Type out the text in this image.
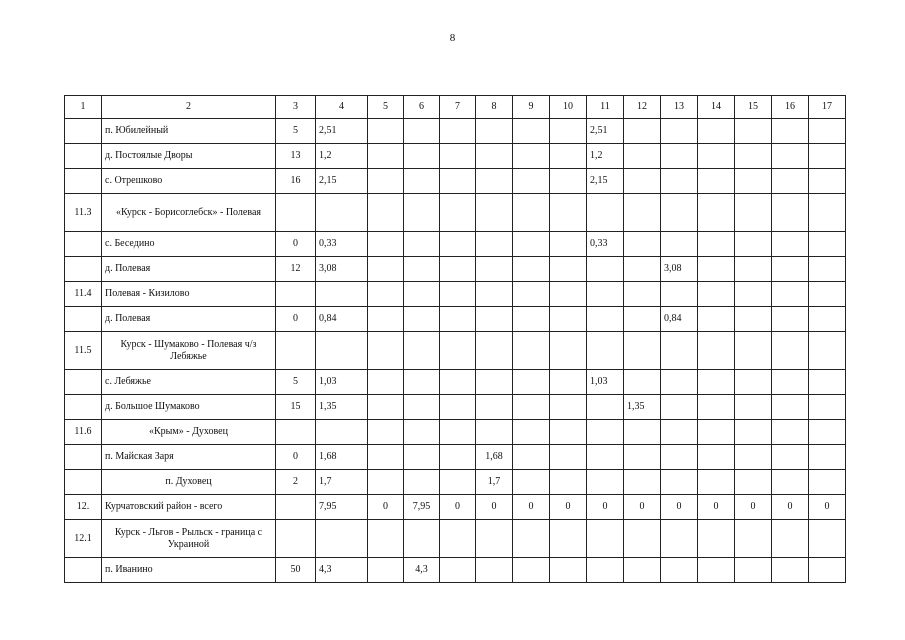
8
1	2	3	4	5	6	7	8	9	10	11	12	13	14	15	16	17
	п. Юбилейный	5	2,51							2,51						
	д. Постоялые Дворы	13	1,2							1,2						
	с. Отрешково	16	2,15							2,15						
11.3	«Курск - Борисоглебск» - Полевая															
	с. Беседино	0	0,33							0,33						
	д. Полевая	12	3,08									3,08				
11.4	Полевая - Кизилово															
	д. Полевая	0	0,84									0,84				
11.5	Курск - Шумаково - Полевая ч/з Лебяжье															
	с. Лебяжье	5	1,03							1,03						
	д. Большое Шумаково	15	1,35								1,35					
11.6	«Крым» - Духовец															
	п. Майская Заря	0	1,68				1,68									
	п. Духовец	2	1,7				1,7									
12.	Курчатовский район - всего		7,95	0	7,95	0	0	0	0	0	0	0	0	0	0	0
12.1	Курск - Льгов - Рыльск - граница с Украиной															
	п. Иванино	50	4,3		4,3											
